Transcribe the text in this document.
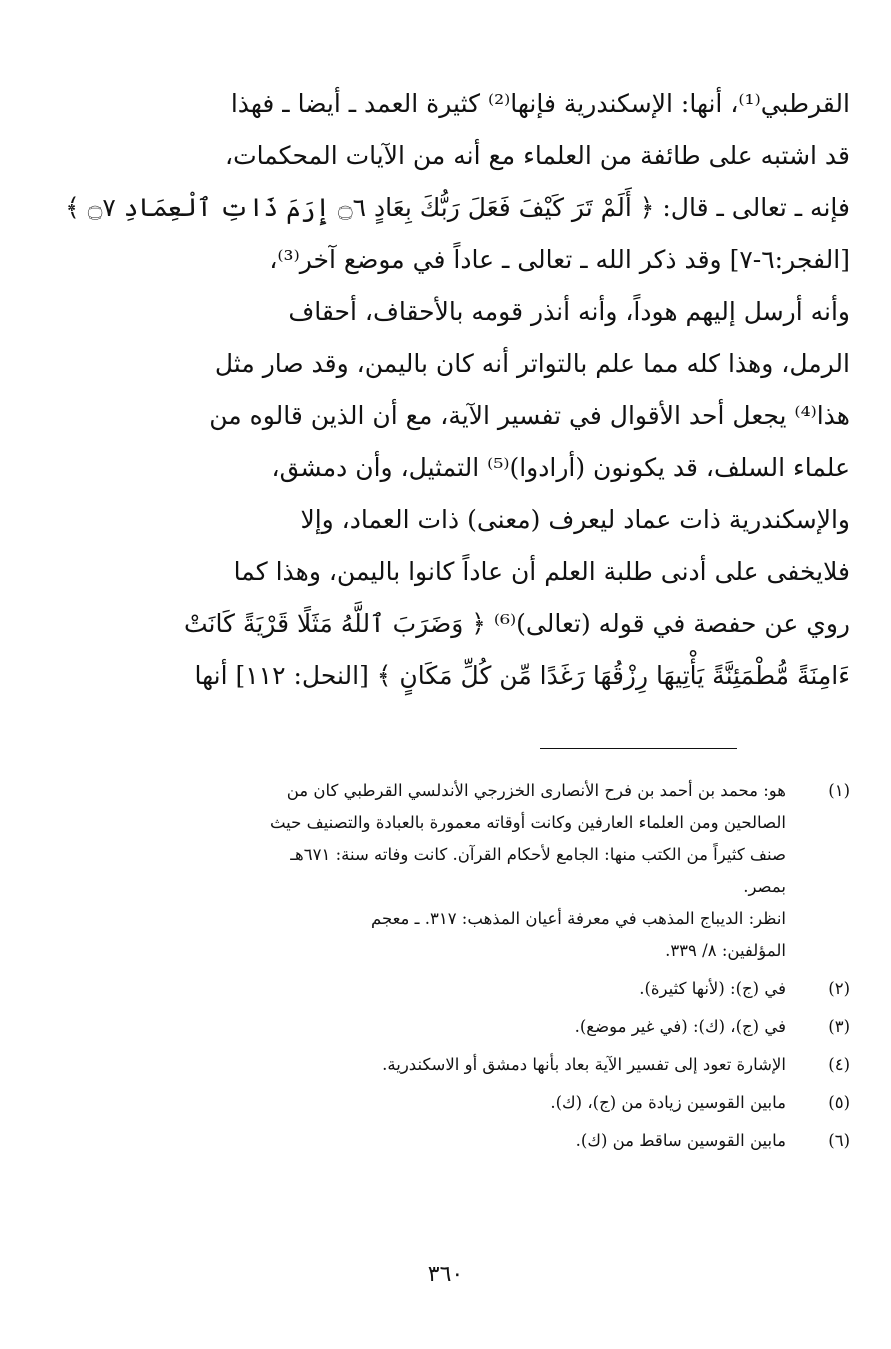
القرطبي⁽¹⁾، أنها: الإسكندرية فإنها⁽²⁾ كثيرة العمد ـ أيضا ـ فهذا
قد اشتبه على طائفة من العلماء مع أنه من الآيات المحكمات،
فإنه ـ تعالى ـ قال: ﴿ أَلَمْ تَرَ كَيْفَ فَعَلَ رَبُّكَ بِعَادٍ ۝٦ إِرَمَ ذَاتِ ٱلْعِمَادِ ۝٧ ﴾
[الفجر:٦-٧] وقد ذكر الله ـ تعالى ـ عاداً في موضع آخر⁽³⁾،
وأنه أرسل إليهم هوداً، وأنه أنذر قومه بالأحقاف، أحقاف
الرمل، وهذا كله مما علم بالتواتر أنه كان باليمن، وقد صار مثل
هذا⁽⁴⁾ يجعل أحد الأقوال في تفسير الآية، مع أن الذين قالوه من
علماء السلف، قد يكونون (أرادوا)⁽⁵⁾ التمثيل، وأن دمشق،
والإسكندرية ذات عماد ليعرف (معنى) ذات العماد، وإلا
فلايخفى على أدنى طلبة العلم أن عاداً كانوا باليمن، وهذا كما
روي عن حفصة في قوله (تعالى)⁽⁶⁾ ﴿ وَضَرَبَ ٱللَّهُ مَثَلًا قَرْيَةً كَانَتْ
ءَامِنَةً مُّطْمَئِنَّةً يَأْتِيهَا رِزْقُهَا رَغَدًا مِّن كُلِّ مَكَانٍ ﴾ [النحل: ١١٢] أنها
(١)
هو: محمد بن أحمد بن فرح الأنصارى الخزرجي الأندلسي القرطبي كان من
الصالحين ومن العلماء العارفين وكانت أوقاته معمورة بالعبادة والتصنيف حيث
صنف كثيراً من الكتب منها: الجامع لأحكام القرآن. كانت وفاته سنة: ٦٧١هـ
بمصر.
انظر: الديباج المذهب في معرفة أعيان المذهب: ٣١٧. ـ معجم
المؤلفين: ٨/ ٣٣٩.
(٢)
في (ج): (لأنها كثيرة).
(٣)
في (ج)، (ك): (في غير موضع).
(٤)
الإشارة تعود إلى تفسير الآية بعاد بأنها دمشق أو الاسكندرية.
(٥)
مابين القوسين زيادة من (ج)، (ك).
(٦)
مابين القوسين ساقط من (ك).
٣٦٠
